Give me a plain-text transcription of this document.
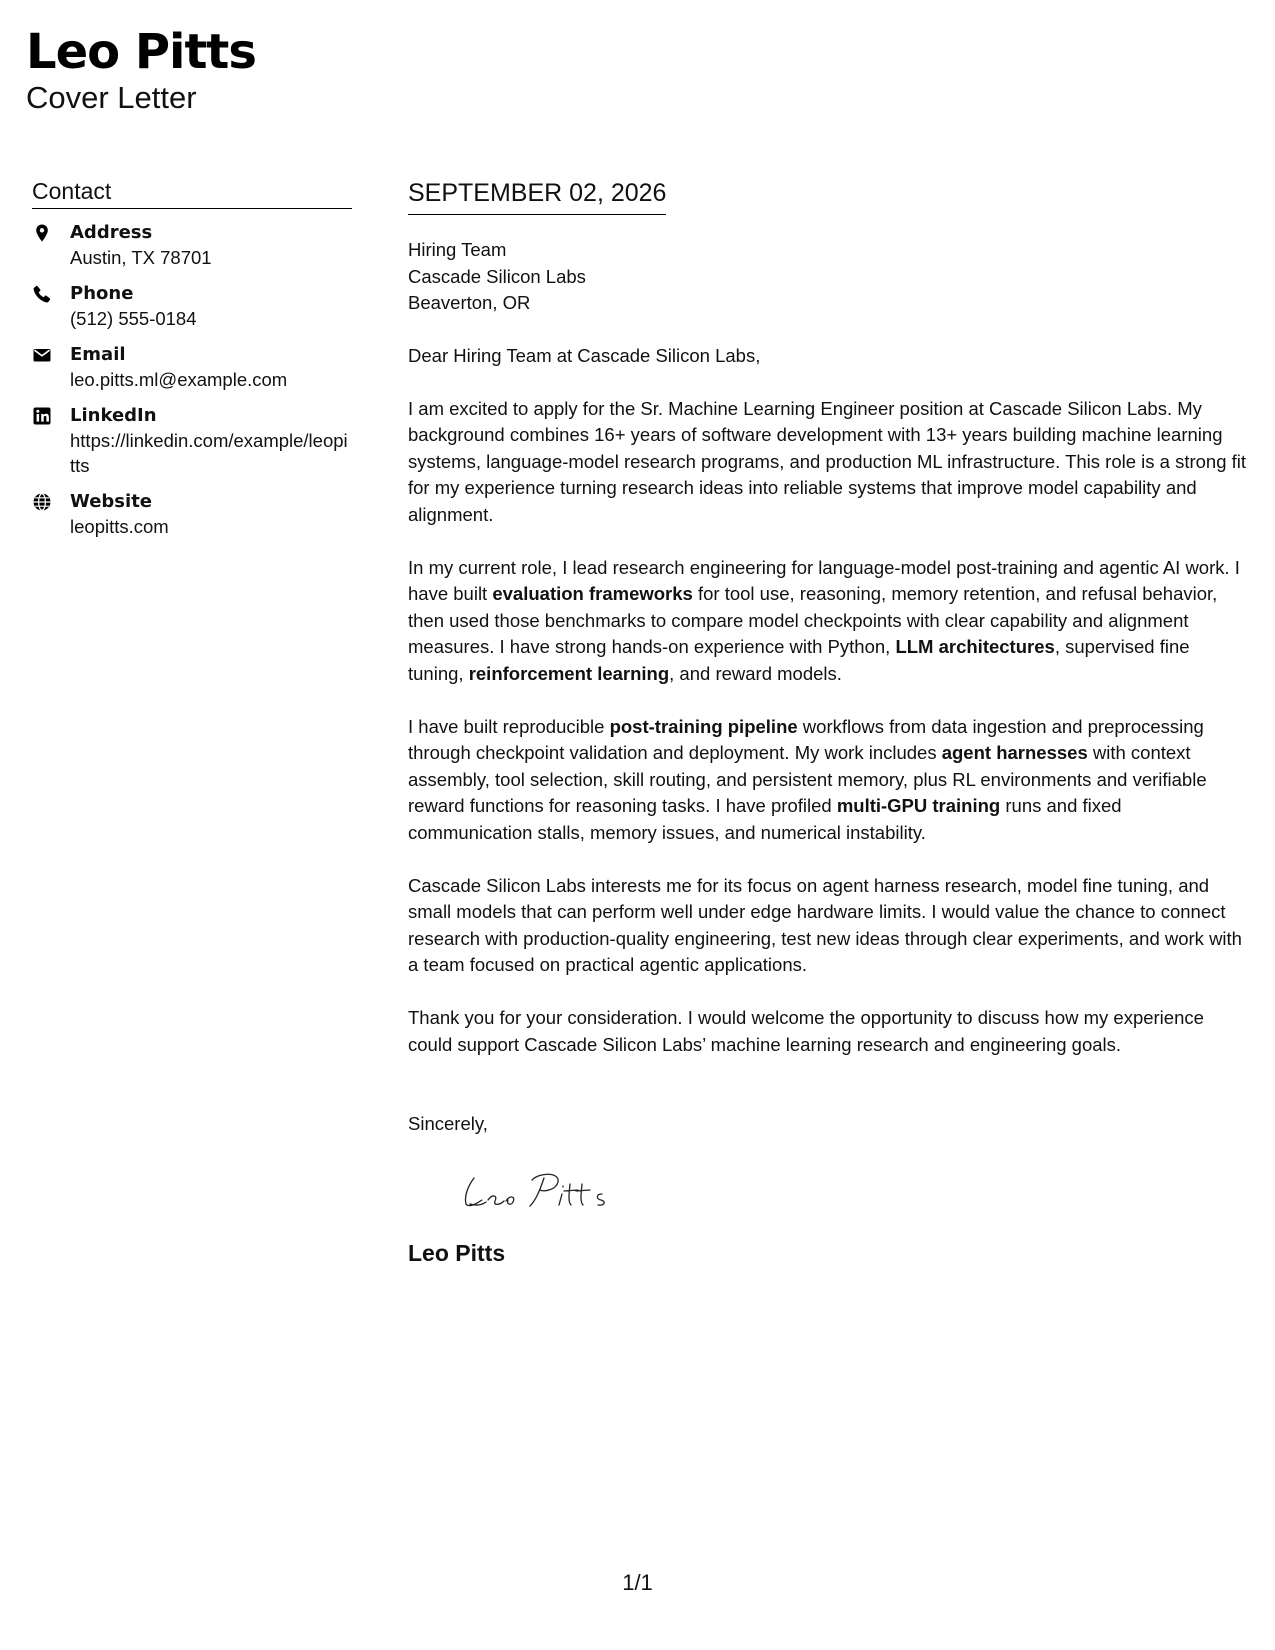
Leo Pitts
Cover Letter
Contact
Address
Austin, TX 78701
Phone
(512) 555-0184
Email
leo.pitts.ml@example.com
LinkedIn
https://linkedin.com/example/leopitts
Website
leopitts.com
SEPTEMBER 02, 2026
Hiring Team
Cascade Silicon Labs
Beaverton, OR
Dear Hiring Team at Cascade Silicon Labs,
I am excited to apply for the Sr. Machine Learning Engineer position at Cascade Silicon Labs. My background combines 16+ years of software development with 13+ years building machine learning systems, language-model research programs, and production ML infrastructure. This role is a strong fit for my experience turning research ideas into reliable systems that improve model capability and alignment.
In my current role, I lead research engineering for language-model post-training and agentic AI work. I have built evaluation frameworks for tool use, reasoning, memory retention, and refusal behavior, then used those benchmarks to compare model checkpoints with clear capability and alignment measures. I have strong hands-on experience with Python, LLM architectures, supervised fine tuning, reinforcement learning, and reward models.
I have built reproducible post-training pipeline workflows from data ingestion and preprocessing through checkpoint validation and deployment. My work includes agent harnesses with context assembly, tool selection, skill routing, and persistent memory, plus RL environments and verifiable reward functions for reasoning tasks. I have profiled multi-GPU training runs and fixed communication stalls, memory issues, and numerical instability.
Cascade Silicon Labs interests me for its focus on agent harness research, model fine tuning, and small models that can perform well under edge hardware limits. I would value the chance to connect research with production-quality engineering, test new ideas through clear experiments, and work with a team focused on practical agentic applications.
Thank you for your consideration. I would welcome the opportunity to discuss how my experience could support Cascade Silicon Labs’ machine learning research and engineering goals.
Sincerely,
Leo Pitts
1/1
